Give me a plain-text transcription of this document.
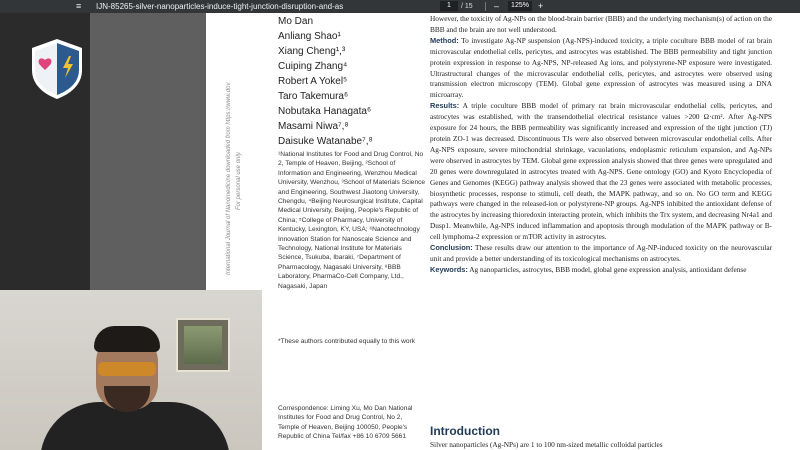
≡	IJN-85265-silver-nanoparticles-induce-tight-junction-disruption-and-as	1	/ 15 –	125%	+
International Journal of Nanomedicine downloaded from https://www.dov For personal use only.
Mo Dan
Anliang Shao¹
Xiang Cheng¹,³
Cuiping Zhang⁴
Robert A Yokel⁵
Taro Takemura⁶
Nobutaka Hanagata⁶
Masami Niwa⁷,⁸
Daisuke Watanabe⁷,⁸
¹National Institutes for Food and Drug Control, No 2, Temple of Heaven, Beijing, ²School of Information and Engineering, Wenzhou Medical University, Wenzhou, ³School of Materials Science and Engineering, Southwest Jiaotong University, Chengdu, ⁴Beijing Neurosurgical Institute, Capital Medical University, Beijing, People's Republic of China; ⁵College of Pharmacy, University of Kentucky, Lexington, KY, USA; ⁶Nanotechnology Innovation Station for Nanoscale Science and Technology, National Institute for Materials Science, Tsukuba, Ibaraki, ⁷Department of Pharmacology, Nagasaki University, ⁸BBB Laboratory, PharmaCo-Cell Company, Ltd., Nagasaki, Japan
*These authors contributed equally to this work
Correspondence: Liming Xu, Mo Dan National Institutes for Food and Drug Control, No 2, Temple of Heaven, Beijing 100050, People's Republic of China Tel/fax +86 10 6709 5661

However, the toxicity of Ag-NPs on the blood-brain barrier (BBB) and the underlying mechanism(s) of action on the BBB and the brain are not well understood.

Method: To investigate Ag-NP suspension (Ag-NPS)-induced toxicity, a triple coculture BBB model of rat brain microvascular endothelial cells, pericytes, and astrocytes was established. The BBB permeability and tight junction protein expression in response to Ag-NPS, NP-released Ag ions, and polystyrene-NP exposure were investigated. Ultrastructural changes of the microvascular endothelial cells, pericytes, and astrocytes were observed using transmission electron microscopy (TEM). Global gene expression of astrocytes was measured using a DNA microarray.

Results: A triple coculture BBB model of primary rat brain microvascular endothelial cells, pericytes, and astrocytes was established, with the transendothelial electrical resistance values >200 Ω·cm². After Ag-NPS exposure for 24 hours, the BBB permeability was significantly increased and expression of the tight junction (TJ) protein ZO-1 was decreased. Discontinuous TJs were also observed between microvascular endothelial cells. After Ag-NPS exposure, severe mitochondrial shrinkage, vacuolations, endoplasmic reticulum expansion, and Ag-NPs were observed in astrocytes by TEM. Global gene expression analysis showed that three genes were upregulated and 20 genes were downregulated in astrocytes treated with Ag-NPS. Gene ontology (GO) and Kyoto Encyclopedia of Genes and Genomes (KEGG) pathway analysis showed that the 23 genes were associated with metabolic processes, biosynthetic processes, response to stimuli, cell death, the MAPK pathway, and so on. No GO term and KEGG pathways were changed in the released-ion or polystyrene-NP groups. Ag-NPS inhibited the antioxidant defense of the astrocytes by increasing thioredoxin interacting protein, which inhibits the Trx system, and decreasing Nr4a1 and Dusp1. Meanwhile, Ag-NPS induced inflammation and apoptosis through modulation of the MAPK pathway or B-cell lymphoma-2 expression or mTOR activity in astrocytes.

Conclusion: These results draw our attention to the importance of Ag-NP-induced toxicity on the neurovascular unit and provide a better understanding of its toxicological mechanisms on astrocytes.

Keywords: Ag nanoparticles, astrocytes, BBB model, global gene expression analysis, antioxidant defense

Introduction
Silver nanoparticles (Ag-NPs) are 1 to 100 nm-sized metallic colloidal particles
